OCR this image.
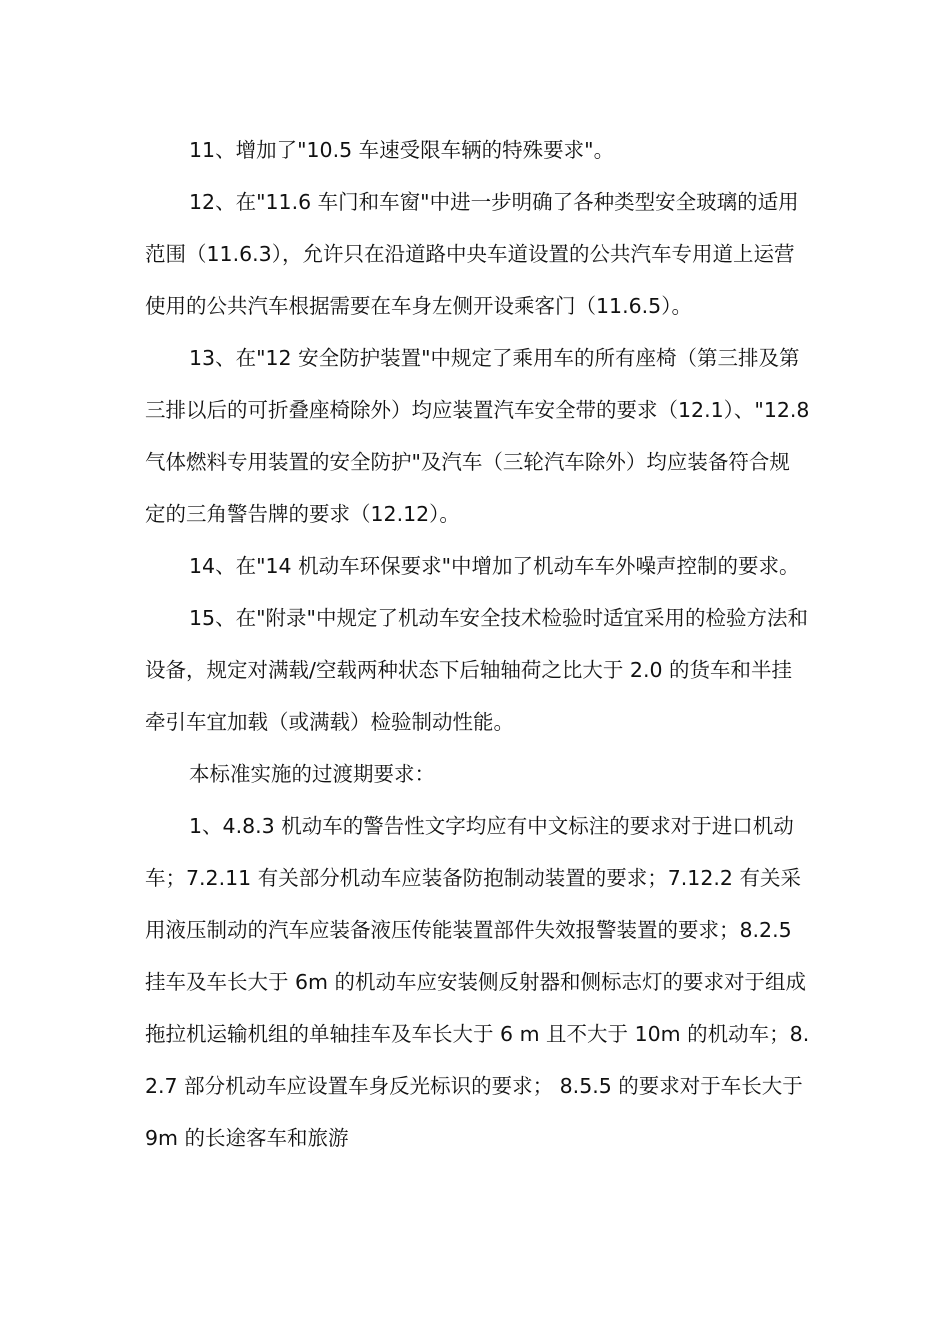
11、增加了"10.5 车速受限车辆的特殊要求"。

12、在"11.6 车门和车窗"中进一步明确了各种类型安全玻璃的适用范围（11.6.3），允许只在沿道路中央车道设置的公共汽车专用道上运营使用的公共汽车根据需要在车身左侧开设乘客门（11.6.5）。

13、在"12 安全防护装置"中规定了乘用车的所有座椅（第三排及第三排以后的可折叠座椅除外）均应装置汽车安全带的要求（12.1）、"12.8 气体燃料专用装置的安全防护"及汽车（三轮汽车除外）均应装备符合规定的三角警告牌的要求（12.12）。

14、在"14 机动车环保要求"中增加了机动车车外噪声控制的要求。

15、在"附录"中规定了机动车安全技术检验时适宜采用的检验方法和设备，规定对满载/空载两种状态下后轴轴荷之比大于 2.0 的货车和半挂牵引车宜加载（或满载）检验制动性能。

本标准实施的过渡期要求：

1、4.8.3 机动车的警告性文字均应有中文标注的要求对于进口机动车；7.2.11 有关部分机动车应装备防抱制动装置的要求；7.12.2 有关采用液压制动的汽车应装备液压传能装置部件失效报警装置的要求；8.2.5 挂车及车长大于 6m 的机动车应安装侧反射器和侧标志灯的要求对于组成拖拉机运输机组的单轴挂车及车长大于 6 m 且不大于 10m 的机动车；8.2.7 部分机动车应设置车身反光标识的要求； 8.5.5 的要求对于车长大于 9m 的长途客车和旅游
